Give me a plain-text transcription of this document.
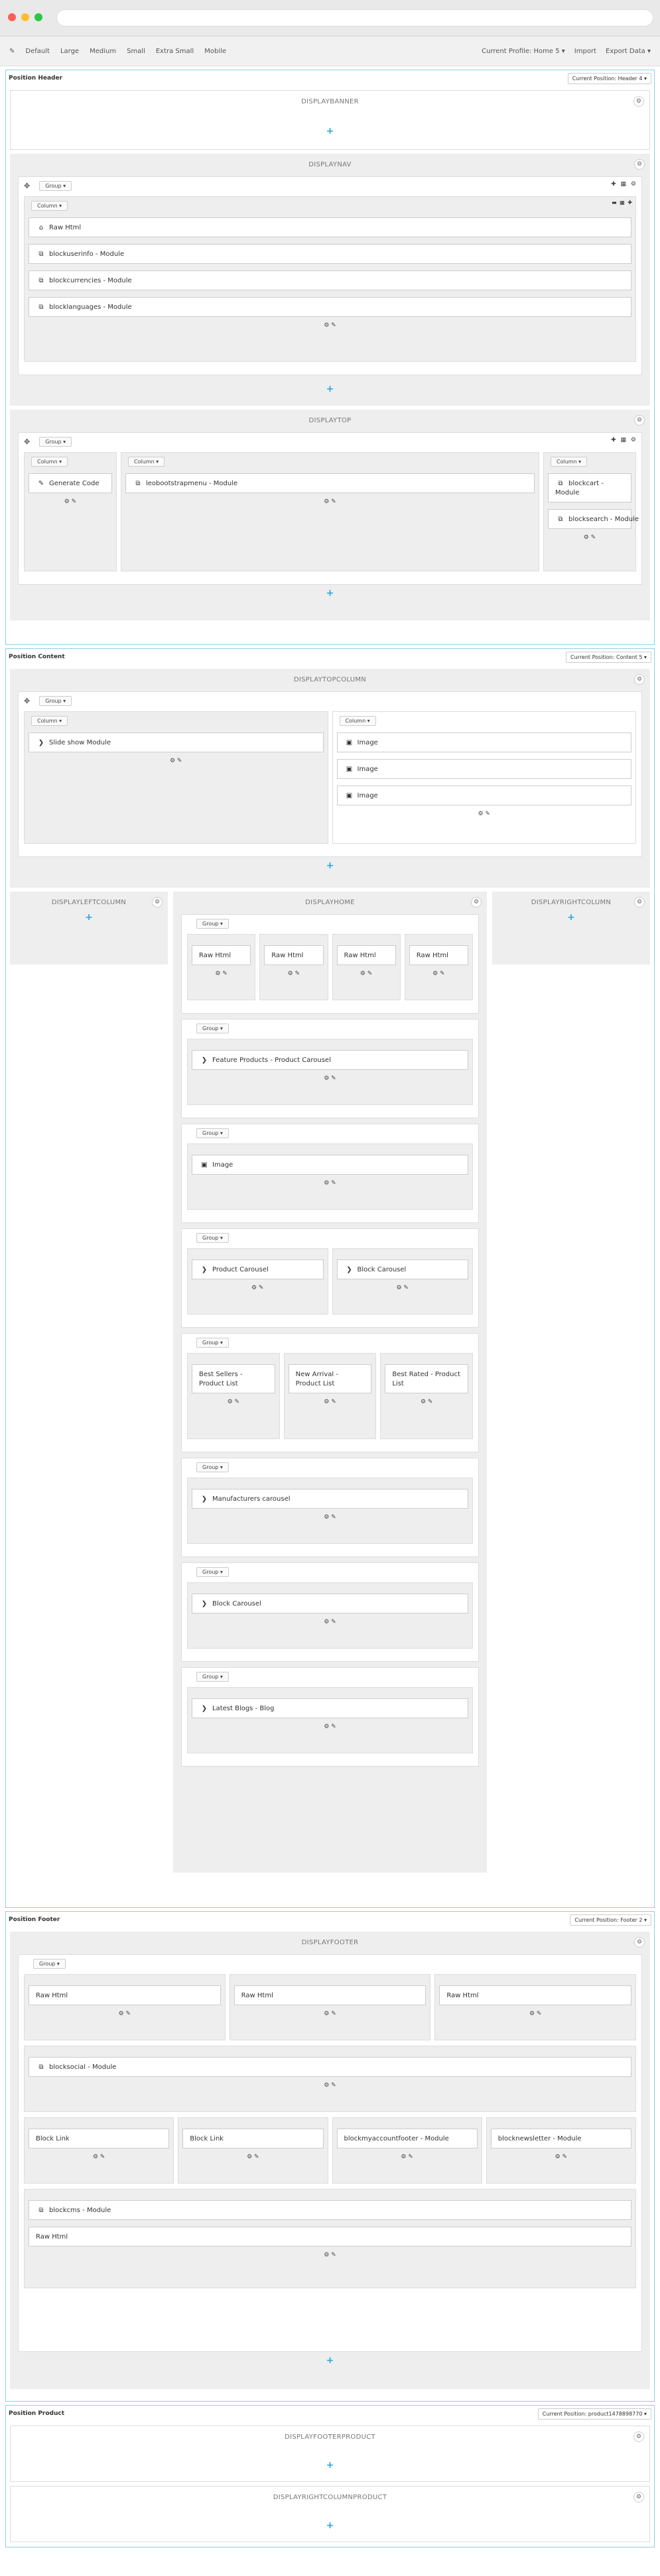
✎ Default Large Medium Small Extra Small Mobile	Current Profile: Home 5 ▾ Import Export Data ▾
Position Header	Current Position: Header 4 ▾
DISPLAYBANNER	⚙
+
DISPLAYNAV	⚙
✥	Group ▾	✚ ▦ ⚙
Column ▾
▬ ▦ ✚
⌂ Raw Html
⧉ blockuserinfo - Module
⧉ blockcurrencies - Module
⧉ blocklanguages - Module
⚙ ✎
+
DISPLAYTOP	⚙
✥	Group ▾	✚ ▦ ⚙
Column ▾
✎ Generate Code
⚙ ✎
Column ▾
⧉ leobootstrapmenu - Module
⚙ ✎
Column ▾
⧉ blockcart - Module
⧉ blocksearch - Module
⚙ ✎
+
Position Content	Current Position: Content 5 ▾
DISPLAYTOPCOLUMN	⚙
✥	Group ▾
Column ▾
❯ Slide show Module
⚙ ✎
Column ▾
▣ Image
▣ Image
▣ Image
⚙ ✎
+
DISPLAYLEFTCOLUMN	⚙
+
DISPLAYHOME	⚙
Group ▾
Raw Html
⚙ ✎
Raw Html
⚙ ✎
Raw Html
⚙ ✎
Raw Html
⚙ ✎
Group ▾
❯ Feature Products - Product Carousel
⚙ ✎
Group ▾
▣ Image
⚙ ✎
Group ▾
❯ Product Carousel
⚙ ✎
❯ Block Carousel
⚙ ✎
Group ▾
Best Sellers - Product List
⚙ ✎
New Arrival - Product List
⚙ ✎
Best Rated - Product List
⚙ ✎
Group ▾
❯ Manufacturers carousel
⚙ ✎
Group ▾
❯ Block Carousel
⚙ ✎
Group ▾
❯ Latest Blogs - Blog
⚙ ✎
DISPLAYRIGHTCOLUMN	⚙
+
Position Footer	Current Position: Footer 2 ▾
DISPLAYFOOTER	⚙
Group ▾
Raw Html
⚙ ✎
Raw Html
⚙ ✎
Raw Html
⚙ ✎
⧉ blocksocial - Module
⚙ ✎
Block Link
⚙ ✎
Block Link
⚙ ✎
blockmyaccountfooter - Module
⚙ ✎
blocknewsletter - Module
⚙ ✎
⧉ blockcms - Module
Raw Html
⚙ ✎
+
Position Product	Current Position: product1478898770 ▾
DISPLAYFOOTERPRODUCT	⚙
+
DISPLAYRIGHTCOLUMNPRODUCT	⚙
+
